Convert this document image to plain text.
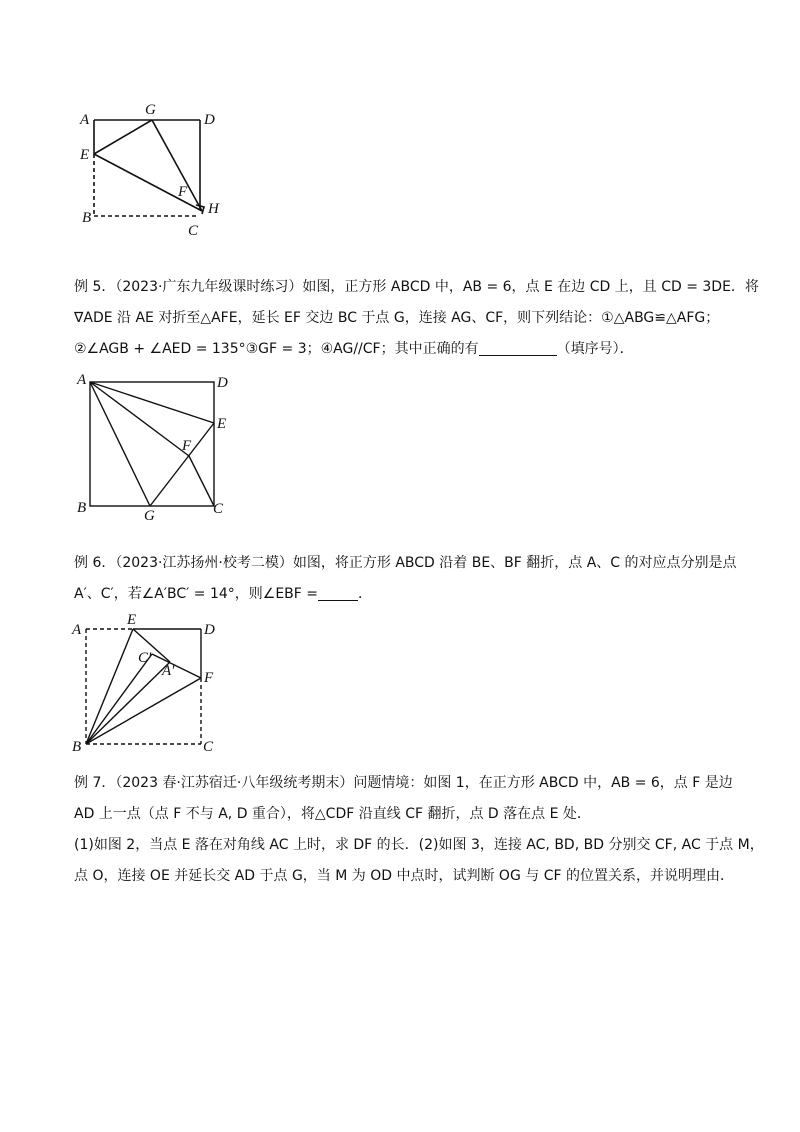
A
G
D
E
F
H
B
C
例 5．（2023·广东九年级课时练习）如图，正方形 ABCD 中，AB = 6，点 E 在边 CD 上，且 CD = 3DE．将
∇ADE 沿 AE 对折至△AFE，延长 EF 交边 BC 于点 G，连接 AG、CF，则下列结论：①△ABG≌△AFG；
②∠AGB + ∠AED = 135°③GF = 3；④AG//CF；其中正确的有	（填序号）．
A	D
E
F
B	G	C
例 6．（2023·江苏扬州·校考二模）如图，将正方形 ABCD 沿着 BE、BF 翻折，点 A、C 的对应点分别是点
A′、C′，若∠A′BC′ = 14°，则∠EBF =	．
A
E
D
C′
A′ F
B	C
例 7．（2023 春·江苏宿迁·八年级统考期末）问题情境：如图 1，在正方形 ABCD 中，AB = 6，点 F 是边
AD 上一点（点 F 不与 A, D 重合），将△CDF 沿直线 CF 翻折，点 D 落在点 E 处．
(1)如图 2，当点 E 落在对角线 AC 上时，求 DF 的长．(2)如图 3，连接 AC, BD, BD 分别交 CF, AC 于点 M，
点 O，连接 OE 并延长交 AD 于点 G，当 M 为 OD 中点时，试判断 OG 与 CF 的位置关系，并说明理由．
